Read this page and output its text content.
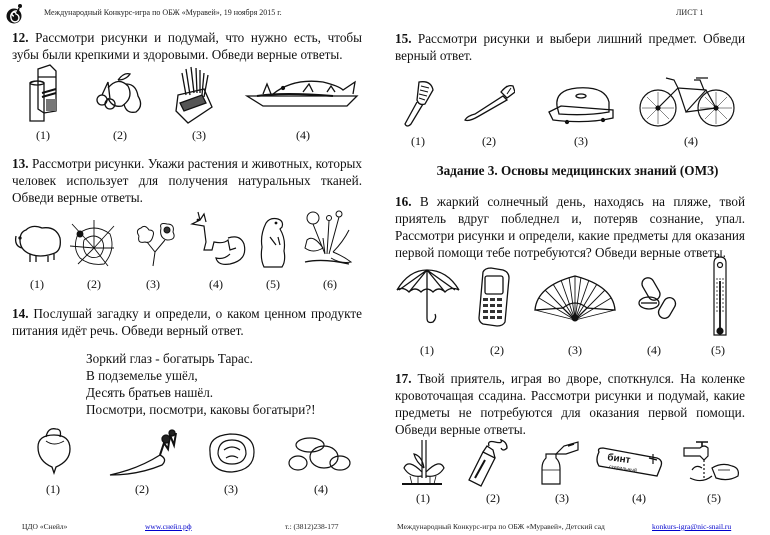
Международный Конкурс-игра по ОБЖ «Муравей», 19 ноября 2015 г.	ЛИСТ 1
12. Рассмотри рисунки и подумай, что нужно есть, чтобы зубы были крепкими и здоровыми. Обведи верные ответы.
(1)	(2)	(3)	(4)
13. Рассмотри рисунки. Укажи растения и животных, которых человек использует для получения натуральных тканей. Обведи верные ответы.
(1)	(2)	(3)	(4)	(5)	(6)
14. Послушай загадку и определи, о каком ценном продукте питания идёт речь. Обведи верный ответ.
Зоркий глаз - богатырь Тарас.
В подземелье ушёл,
Десять братьев нашёл.
Посмотри, посмотри, каковы богатыри?!
(1)	(2)	(3)	(4)
15. Рассмотри рисунки и выбери лишний предмет. Обведи верный ответ.
(1)	(2)	(3)	(4)
Задание 3. Основы медицинских знаний (ОМЗ)
16. В жаркий солнечный день, находясь на пляже, твой приятель вдруг побледнел и, потеряв сознание, упал. Рассмотри рисунки и определи, какие предметы для оказания первой помощи тебе потребуются? Обведи верные ответы.
(1)	(2)	(3)	(4)	(5)
17. Твой приятель, играя во дворе, споткнулся. На коленке кровоточащая ссадина. Рассмотри рисунки и подумай, какие предметы не потребуются для оказания первой помощи. Обведи верные ответы.
бинт
стерильный
(1)	(2)	(3)	(4)	(5)
ЦДО «Снейл»	www.снейл.рф	т.: (3812)238-177	Международный Конкурс-игра по ОБЖ «Муравей», Детский сад	konkurs-igra@nic-snail.ru
